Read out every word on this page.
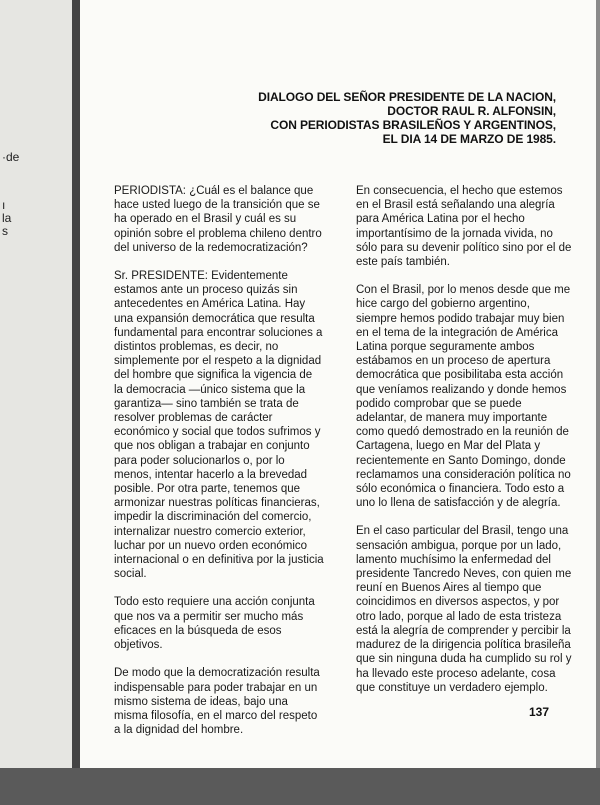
·de
ı
la
s
DIALOGO DEL SEÑOR PRESIDENTE DE LA NACION,
DOCTOR RAUL R. ALFONSIN,
CON PERIODISTAS BRASILEÑOS Y ARGENTINOS,
EL DIA 14 DE MARZO DE 1985.

PERIODISTA: ¿Cuál es el balance que hace usted luego de la transición que se ha operado en el Brasil y cuál es su opinión sobre el problema chileno dentro del universo de la redemocratización?

Sr. PRESIDENTE: Evidentemente estamos ante un proceso quizás sin antecedentes en América Latina. Hay una expansión democrática que resulta fundamental para encontrar soluciones a distintos problemas, es decir, no simplemente por el respeto a la dignidad del hombre que significa la vigencia de la democracia —único sistema que la garantiza— sino también se trata de resolver problemas de carácter económico y social que todos sufrimos y que nos obligan a trabajar en conjunto para poder solucionarlos o, por lo menos, intentar hacerlo a la brevedad posible. Por otra parte, tenemos que armonizar nuestras políticas financieras, impedir la discriminación del comercio, internalizar nuestro comercio exterior, luchar por un nuevo orden económico internacional o en definitiva por la justicia social.

Todo esto requiere una acción conjunta que nos va a permitir ser mucho más eficaces en la búsqueda de esos objetivos.

De modo que la democratización resulta indispensable para poder trabajar en un mismo sistema de ideas, bajo una misma filosofía, en el marco del respeto a la dignidad del hombre.

En consecuencia, el hecho que estemos en el Brasil está señalando una alegría para América Latina por el hecho importantísimo de la jornada vivida, no sólo para su devenir político sino por el de este país también.

Con el Brasil, por lo menos desde que me hice cargo del gobierno argentino, siempre hemos podido trabajar muy bien en el tema de la integración de América Latina porque seguramente ambos estábamos en un proceso de apertura democrática que posibilitaba esta acción que veníamos realizando y donde hemos podido comprobar que se puede adelantar, de manera muy importante como quedó demostrado en la reunión de Cartagena, luego en Mar del Plata y recientemente en Santo Domingo, donde reclamamos una consideración política no sólo económica o financiera. Todo esto a uno lo llena de satisfacción y de alegría.

En el caso particular del Brasil, tengo una sensación ambigua, porque por un lado, lamento muchísimo la enfermedad del presidente Tancredo Neves, con quien me reuní en Buenos Aires al tiempo que coincidimos en diversos aspectos, y por otro lado, porque al lado de esta tristeza está la alegría de comprender y percibir la madurez de la dirigencia política brasileña que sin ninguna duda ha cumplido su rol y ha llevado este proceso adelante, cosa que constituye un verdadero ejemplo.

137
